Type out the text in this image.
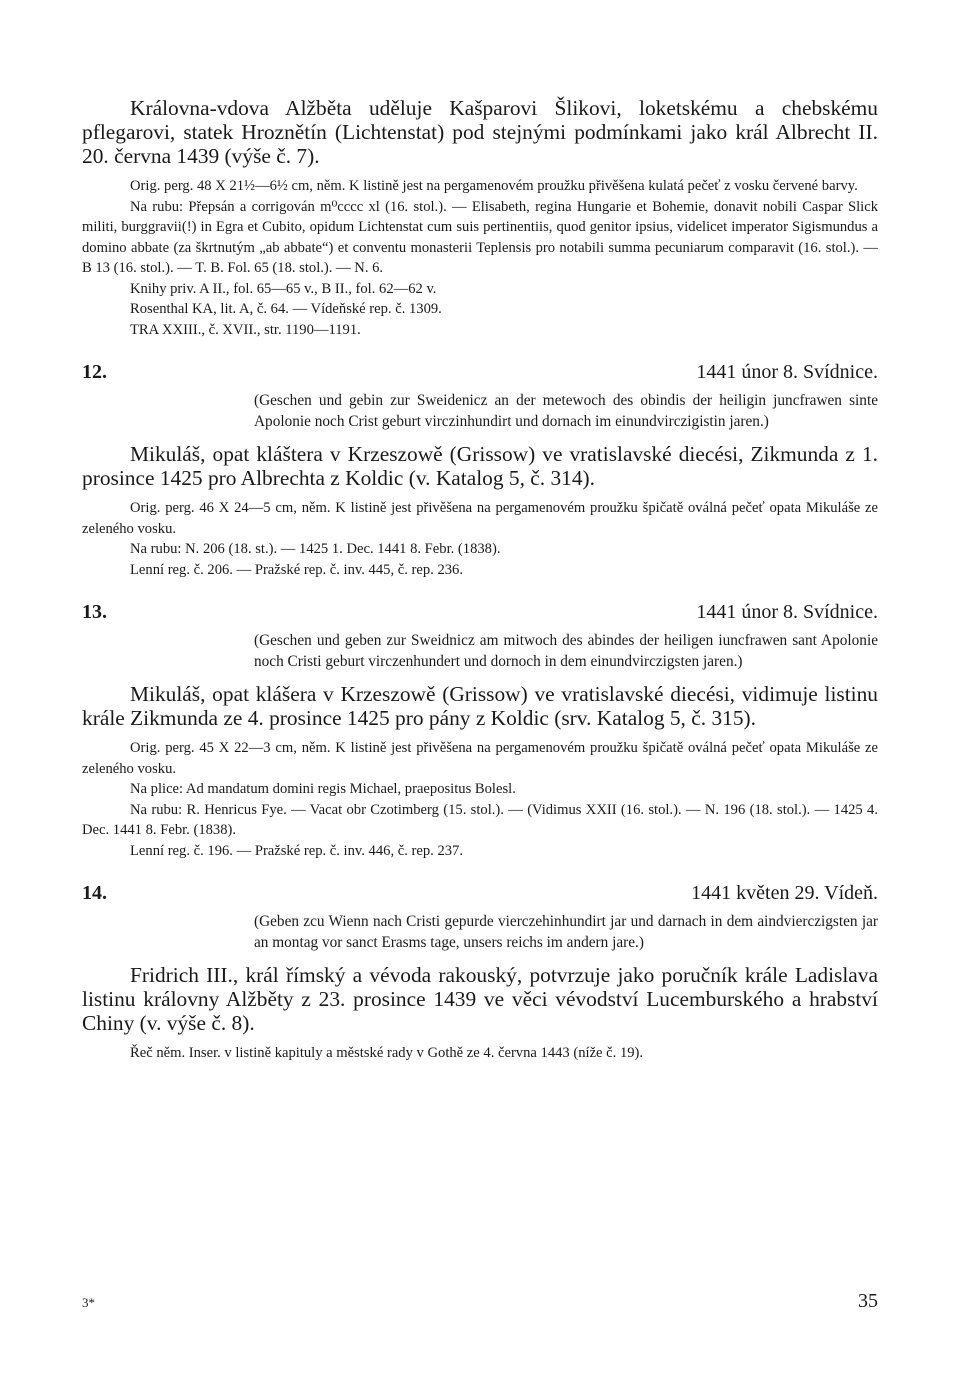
Královna-vdova Alžběta uděluje Kašparovi Šlikovi, loketskému a chebskému pflegarovi, statek Hroznětín (Lichtenstat) pod stejnými podmínkami jako král Albrecht II. 20. června 1439 (výše č. 7).

Orig. perg. 48 X 21½—6½ cm, něm. K listině jest na pergamenovém proužku přivěšena kulatá pečeť z vosku červené barvy.

Na rubu: Přepsán a corrigován m⁰cccc xl (16. stol.). — Elisabeth, regina Hungarie et Bohemie, donavit nobili Caspar Slick militi, burggravii(!) in Egra et Cubito, opidum Lichtenstat cum suis pertinentiis, quod genitor ipsius, videlicet imperator Sigismundus a domino abbate (za škrtnutým „ab abbate“) et conventu monasterii Teplensis pro notabili summa pecuniarum comparavit (16. stol.). — B 13 (16. stol.). — T. B. Fol. 65 (18. stol.). — N. 6.

Knihy priv. A II., fol. 65—65 v., B II., fol. 62—62 v.

Rosenthal KA, lit. A, č. 64. — Vídeňské rep. č. 1309.

TRA XXIII., č. XVII., str. 1190—1191.

12.	1441 únor 8. Svídnice.

(Geschen und gebin zur Sweidenicz an der metewoch des obindis der heiligin juncfrawen sinte Apolonie noch Crist geburt virczinhundirt und dornach im einundvirczigistin jaren.)

Mikuláš, opat kláštera v Krzeszowě (Grissow) ve vratislavské diecési, Zikmunda z 1. prosince 1425 pro Albrechta z Koldic (v. Katalog 5, č. 314).

Orig. perg. 46 X 24—5 cm, něm. K listině jest přivěšena na pergamenovém proužku špičatě oválná pečeť opata Mikuláše ze zeleného vosku.

Na rubu: N. 206 (18. st.). — 1425 1. Dec. 1441 8. Febr. (1838).

Lenní reg. č. 206. — Pražské rep. č. inv. 445, č. rep. 236.

13.	1441 únor 8. Svídnice.

(Geschen und geben zur Sweidnicz am mitwoch des abindes der heiligen iuncfrawen sant Apolonie noch Cristi geburt virczenhundert und dornoch in dem einundvirczigsten jaren.)

Mikuláš, opat klášera v Krzeszowě (Grissow) ve vratislavské diecési, vidimuje listinu krále Zikmunda ze 4. prosince 1425 pro pány z Koldic (srv. Katalog 5, č. 315).

Orig. perg. 45 X 22—3 cm, něm. K listině jest přivěšena na pergamenovém proužku špičatě oválná pečeť opata Mikuláše ze zeleného vosku.

Na plice: Ad mandatum domini regis Michael, praepositus Bolesl.

Na rubu: R. Henricus Fye. — Vacat obr Czotimberg (15. stol.). — (Vidimus XXII (16. stol.). — N. 196 (18. stol.). — 1425 4. Dec. 1441 8. Febr. (1838).

Lenní reg. č. 196. — Pražské rep. č. inv. 446, č. rep. 237.

14.	1441 květen 29. Vídeň.

(Geben zcu Wienn nach Cristi gepurde vierczehinhundirt jar und darnach in dem aindvierczigsten jar an montag vor sanct Erasms tage, unsers reichs im andern jare.)

Fridrich III., král římský a vévoda rakouský, potvrzuje jako poručník krále Ladislava listinu královny Alžběty z 23. prosince 1439 ve věci vévodství Lucemburského a hrabství Chiny (v. výše č. 8).

Řeč něm. Inser. v listině kapituly a městské rady v Gothě ze 4. června 1443 (níže č. 19).

3*	35
